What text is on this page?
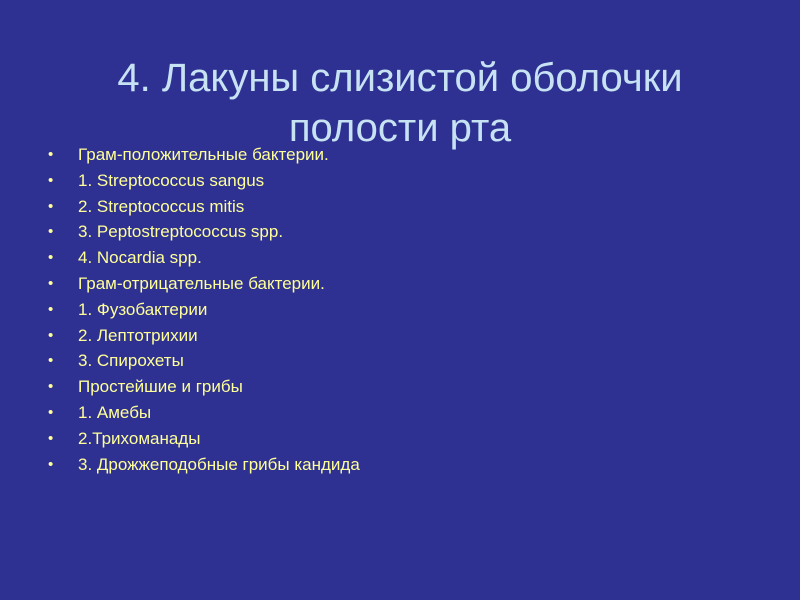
4. Лакуны слизистой оболочки
полости рта
• Грам-положительные бактерии.
• 1. Streptococcus sangus
• 2. Streptococcus mitis
• 3. Peptostreptococcus spp.
• 4. Nocardia spp.
• Грам-отрицательные бактерии.
• 1. Фузобактерии
• 2. Лептотрихии
• 3. Спирохеты
• Простейшие и грибы
• 1. Амебы
• 2.Трихоманады
• 3. Дрожжеподобные грибы кандида
